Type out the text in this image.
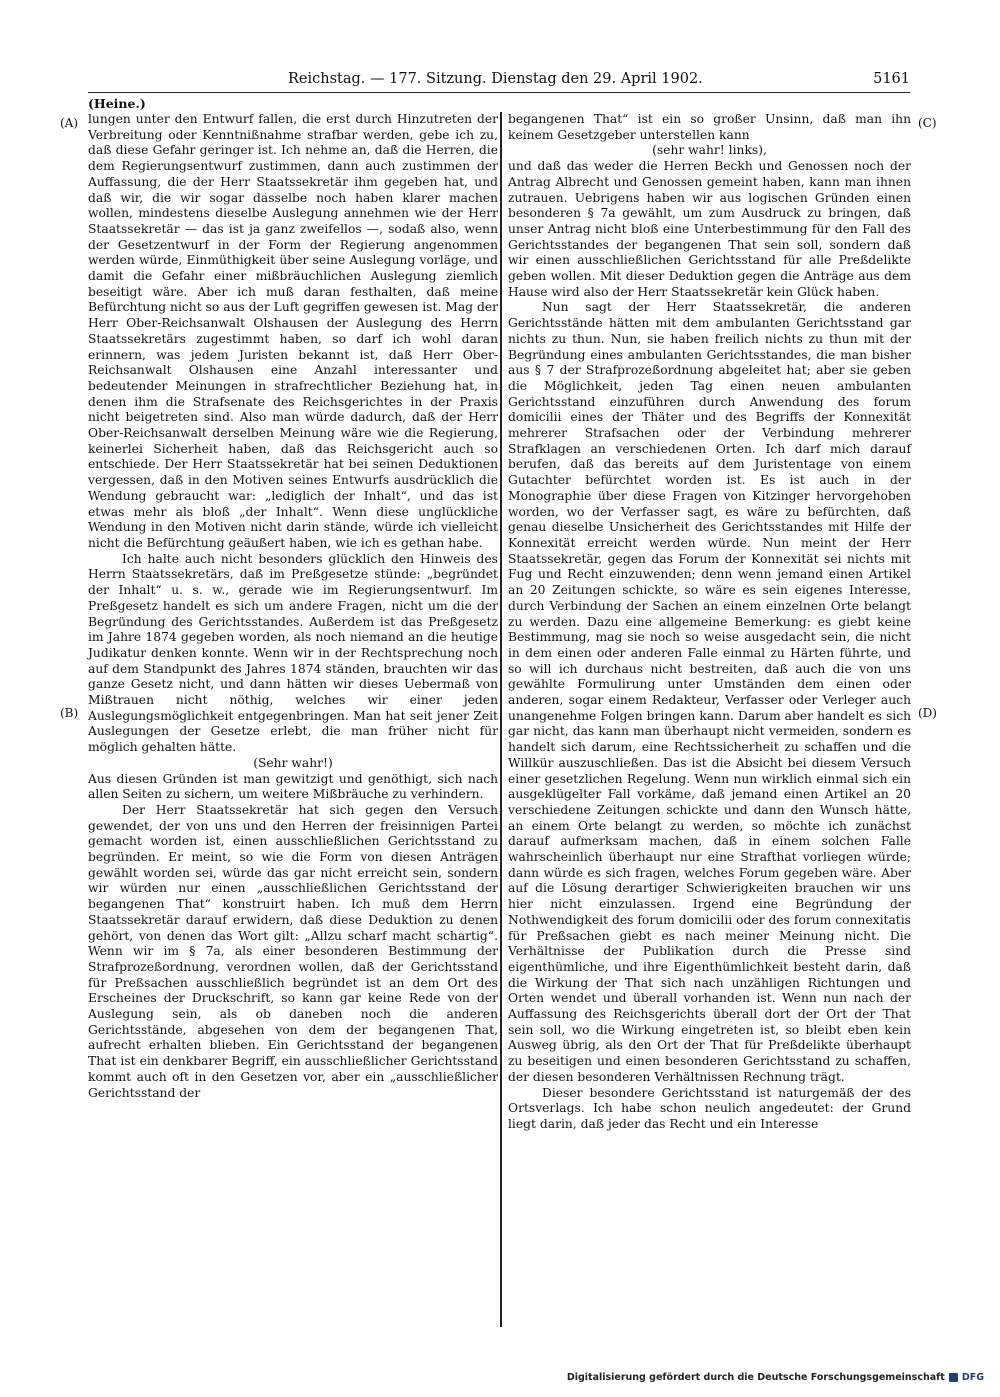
Reichstag. — 177. Sitzung. Dienstag den 29. April 1902.	5161
(Heine.)
(A)
(B)
(C)
(D)

lungen unter den Entwurf fallen, die erst durch Hinzutreten der Verbreitung oder Kenntnißnahme strafbar werden, gebe ich zu, daß diese Gefahr geringer ist. Ich nehme an, daß die Herren, die dem Regierungsentwurf zustimmen, dann auch zustimmen der Auffassung, die der Herr Staatssekretär ihm gegeben hat, und daß wir, die wir sogar dasselbe noch haben klarer machen wollen, mindestens dieselbe Auslegung annehmen wie der Herr Staatssekretär — das ist ja ganz zweifellos —, sodaß also, wenn der Gesetzentwurf in der Form der Regierung angenommen werden würde, Einmüthigkeit über seine Auslegung vorläge, und damit die Gefahr einer mißbräuchlichen Auslegung ziemlich beseitigt wäre. Aber ich muß daran festhalten, daß meine Befürchtung nicht so aus der Luft gegriffen gewesen ist. Mag der Herr Ober-Reichsanwalt Olshausen der Auslegung des Herrn Staatssekretärs zugestimmt haben, so darf ich wohl daran erinnern, was jedem Juristen bekannt ist, daß Herr Ober-Reichsanwalt Olshausen eine Anzahl interessanter und bedeutender Meinungen in strafrechtlicher Beziehung hat, in denen ihm die Strafsenate des Reichsgerichtes in der Praxis nicht beigetreten sind. Also man würde dadurch, daß der Herr Ober-Reichsanwalt derselben Meinung wäre wie die Regierung, keinerlei Sicherheit haben, daß das Reichsgericht auch so entschiede. Der Herr Staatssekretär hat bei seinen Deduktionen vergessen, daß in den Motiven seines Entwurfs ausdrücklich die Wendung gebraucht war: „lediglich der Inhalt“, und das ist etwas mehr als bloß „der Inhalt“. Wenn diese unglückliche Wendung in den Motiven nicht darin stände, würde ich vielleicht nicht die Befürchtung geäußert haben, wie ich es gethan habe.

Ich halte auch nicht besonders glücklich den Hinweis des Herrn Staatssekretärs, daß im Preßgesetze stünde: „begründet der Inhalt“ u. s. w., gerade wie im Regierungsentwurf. Im Preßgesetz handelt es sich um andere Fragen, nicht um die der Begründung des Gerichtsstandes. Außerdem ist das Preßgesetz im Jahre 1874 gegeben worden, als noch niemand an die heutige Judikatur denken konnte. Wenn wir in der Rechtsprechung noch auf dem Standpunkt des Jahres 1874 ständen, brauchten wir das ganze Gesetz nicht, und dann hätten wir dieses Uebermaß von Mißtrauen nicht nöthig, welches wir einer jeden Auslegungsmöglichkeit entgegenbringen. Man hat seit jener Zeit Auslegungen der Gesetze erlebt, die man früher nicht für möglich gehalten hätte.

(Sehr wahr!)

Aus diesen Gründen ist man gewitzigt und genöthigt, sich nach allen Seiten zu sichern, um weitere Mißbräuche zu verhindern.

Der Herr Staatssekretär hat sich gegen den Versuch gewendet, der von uns und den Herren der freisinnigen Partei gemacht worden ist, einen ausschließlichen Gerichtsstand zu begründen. Er meint, so wie die Form von diesen Anträgen gewählt worden sei, würde das gar nicht erreicht sein, sondern wir würden nur einen „ausschließlichen Gerichtsstand der begangenen That“ konstruirt haben. Ich muß dem Herrn Staatssekretär darauf erwidern, daß diese Deduktion zu denen gehört, von denen das Wort gilt: „Allzu scharf macht schartig“. Wenn wir im § 7a, als einer besonderen Bestimmung der Strafprozeßordnung, verordnen wollen, daß der Gerichtsstand für Preßsachen ausschließlich begründet ist an dem Ort des Erscheines der Druckschrift, so kann gar keine Rede von der Auslegung sein, als ob daneben noch die anderen Gerichtsstände, abgesehen von dem der begangenen That, aufrecht erhalten blieben. Ein Gerichtsstand der begangenen That ist ein denkbarer Begriff, ein ausschließlicher Gerichtsstand kommt auch oft in den Gesetzen vor, aber ein „ausschließlicher Gerichtsstand der

begangenen That“ ist ein so großer Unsinn, daß man ihn keinem Gesetzgeber unterstellen kann

(sehr wahr! links),

und daß das weder die Herren Beckh und Genossen noch der Antrag Albrecht und Genossen gemeint haben, kann man ihnen zutrauen. Uebrigens haben wir aus logischen Gründen einen besonderen § 7a gewählt, um zum Ausdruck zu bringen, daß unser Antrag nicht bloß eine Unterbestimmung für den Fall des Gerichtsstandes der begangenen That sein soll, sondern daß wir einen ausschließlichen Gerichtsstand für alle Preßdelikte geben wollen. Mit dieser Deduktion gegen die Anträge aus dem Hause wird also der Herr Staatssekretär kein Glück haben.

Nun sagt der Herr Staatssekretär, die anderen Gerichtsstände hätten mit dem ambulanten Gerichtsstand gar nichts zu thun. Nun, sie haben freilich nichts zu thun mit der Begründung eines ambulanten Gerichtsstandes, die man bisher aus § 7 der Strafprozeßordnung abgeleitet hat; aber sie geben die Möglichkeit, jeden Tag einen neuen ambulanten Gerichtsstand einzuführen durch Anwendung des forum domicilii eines der Thäter und des Begriffs der Konnexität mehrerer Strafsachen oder der Verbindung mehrerer Strafklagen an verschiedenen Orten. Ich darf mich darauf berufen, daß das bereits auf dem Juristentage von einem Gutachter befürchtet worden ist. Es ist auch in der Monographie über diese Fragen von Kitzinger hervorgehoben worden, wo der Verfasser sagt, es wäre zu befürchten, daß genau dieselbe Unsicherheit des Gerichtsstandes mit Hilfe der Konnexität erreicht werden würde. Nun meint der Herr Staatssekretär, gegen das Forum der Konnexität sei nichts mit Fug und Recht einzuwenden; denn wenn jemand einen Artikel an 20 Zeitungen schickte, so wäre es sein eigenes Interesse, durch Verbindung der Sachen an einem einzelnen Orte belangt zu werden. Dazu eine allgemeine Bemerkung: es giebt keine Bestimmung, mag sie noch so weise ausgedacht sein, die nicht in dem einen oder anderen Falle einmal zu Härten führte, und so will ich durchaus nicht bestreiten, daß auch die von uns gewählte Formulirung unter Umständen dem einen oder anderen, sogar einem Redakteur, Verfasser oder Verleger auch unangenehme Folgen bringen kann. Darum aber handelt es sich gar nicht, das kann man überhaupt nicht vermeiden, sondern es handelt sich darum, eine Rechtssicherheit zu schaffen und die Willkür auszuschließen. Das ist die Absicht bei diesem Versuch einer gesetzlichen Regelung. Wenn nun wirklich einmal sich ein ausgeklügelter Fall vorkäme, daß jemand einen Artikel an 20 verschiedene Zeitungen schickte und dann den Wunsch hätte, an einem Orte belangt zu werden, so möchte ich zunächst darauf aufmerksam machen, daß in einem solchen Falle wahrscheinlich überhaupt nur eine Strafthat vorliegen würde; dann würde es sich fragen, welches Forum gegeben wäre. Aber auf die Lösung derartiger Schwierigkeiten brauchen wir uns hier nicht einzulassen. Irgend eine Begründung der Nothwendigkeit des forum domicilii oder des forum connexitatis für Preßsachen giebt es nach meiner Meinung nicht. Die Verhältnisse der Publikation durch die Presse sind eigenthümliche, und ihre Eigenthümlichkeit besteht darin, daß die Wirkung der That sich nach unzähligen Richtungen und Orten wendet und überall vorhanden ist. Wenn nun nach der Auffassung des Reichsgerichts überall dort der Ort der That sein soll, wo die Wirkung eingetreten ist, so bleibt eben kein Ausweg übrig, als den Ort der That für Preßdelikte überhaupt zu beseitigen und einen besonderen Gerichtsstand zu schaffen, der diesen besonderen Verhältnissen Rechnung trägt.

Dieser besondere Gerichtsstand ist naturgemäß der des Ortsverlags. Ich habe schon neulich angedeutet: der Grund liegt darin, daß jeder das Recht und ein Interesse

Digitalisierung gefördert durch die Deutsche Forschungsgemeinschaft DFG
